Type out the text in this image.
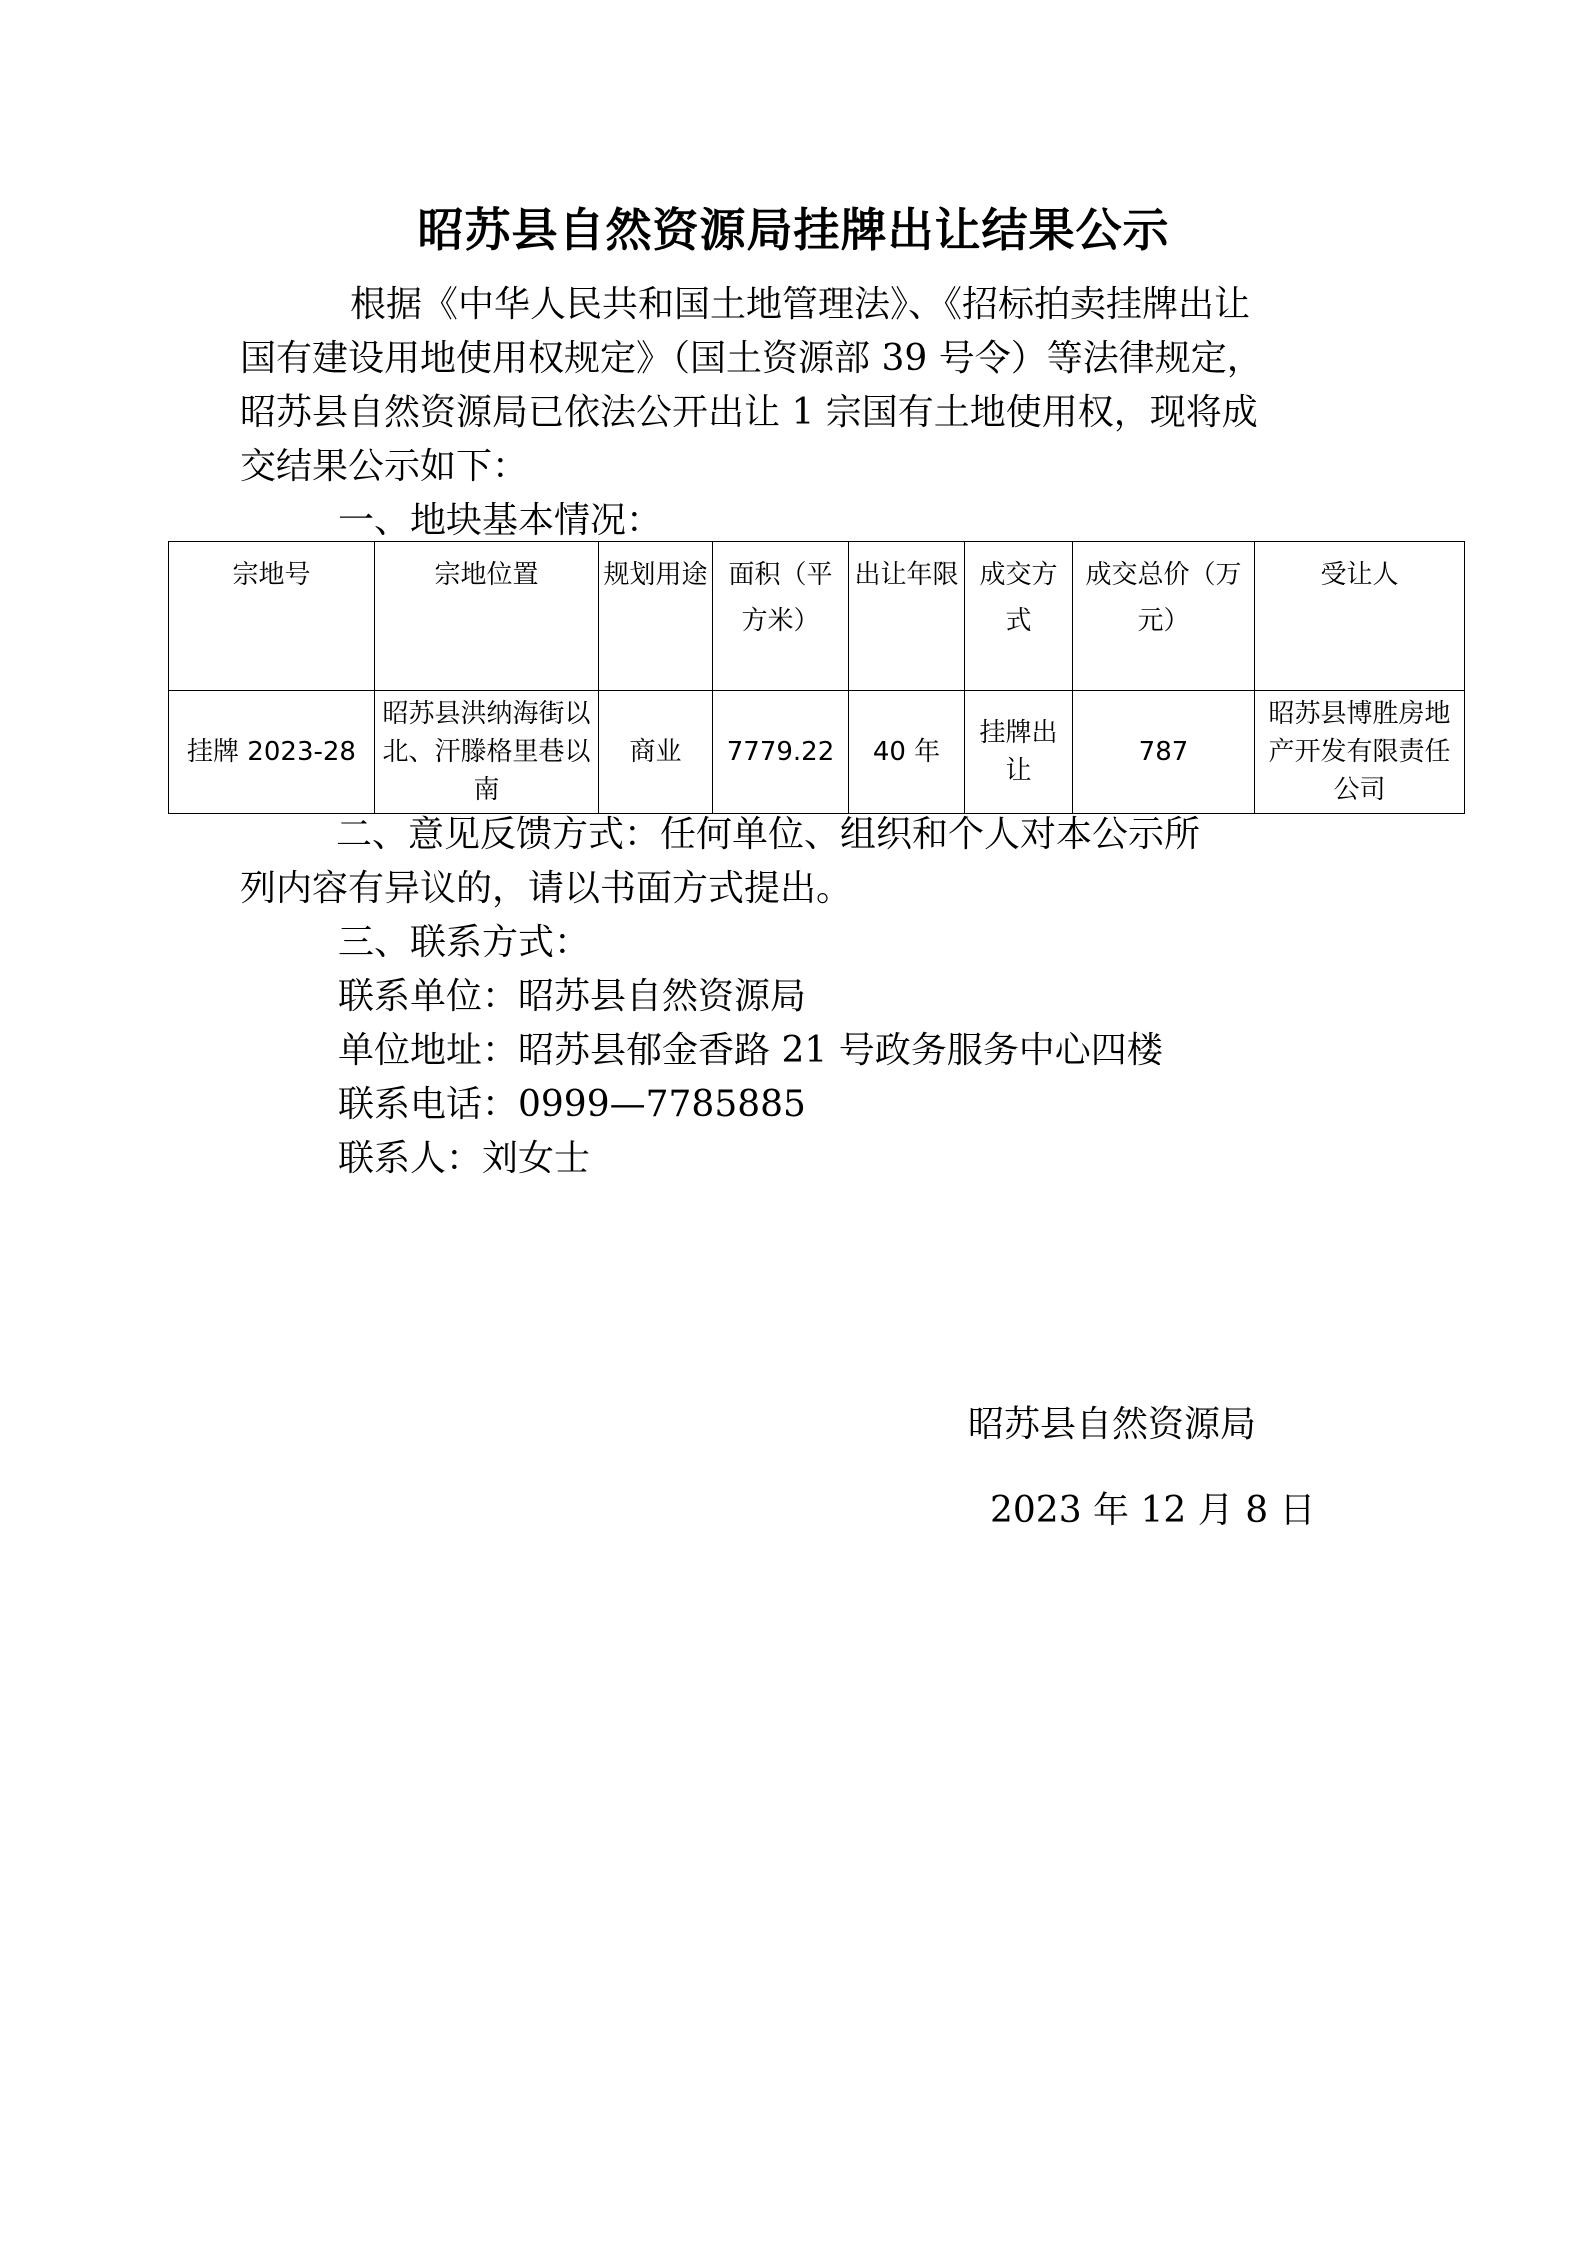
昭苏县自然资源局挂牌出让结果公示
根据《中华人民共和国土地管理法》、《招标拍卖挂牌出让
国有建设用地使用权规定》（国土资源部 39 号令）等法律规定，
昭苏县自然资源局已依法公开出让 1 宗国有土地使用权，现将成
交结果公示如下：
一、地块基本情况：
宗地号	宗地位置	规划用途	面积（平方米）	出让年限	成交方式	成交总价（万元）	受让人
挂牌 2023-28	昭苏县洪纳海街以北、汗滕格里巷以南	商业	7779.22	40 年	挂牌出让	787	昭苏县博胜房地产开发有限责任公司
二、意见反馈方式：任何单位、组织和个人对本公示所
列内容有异议的，请以书面方式提出。
三、联系方式：
联系单位：昭苏县自然资源局
单位地址：昭苏县郁金香路 21 号政务服务中心四楼
联系电话：0999—7785885
联系人：刘女士
昭苏县自然资源局
2023 年 12 月 8 日
